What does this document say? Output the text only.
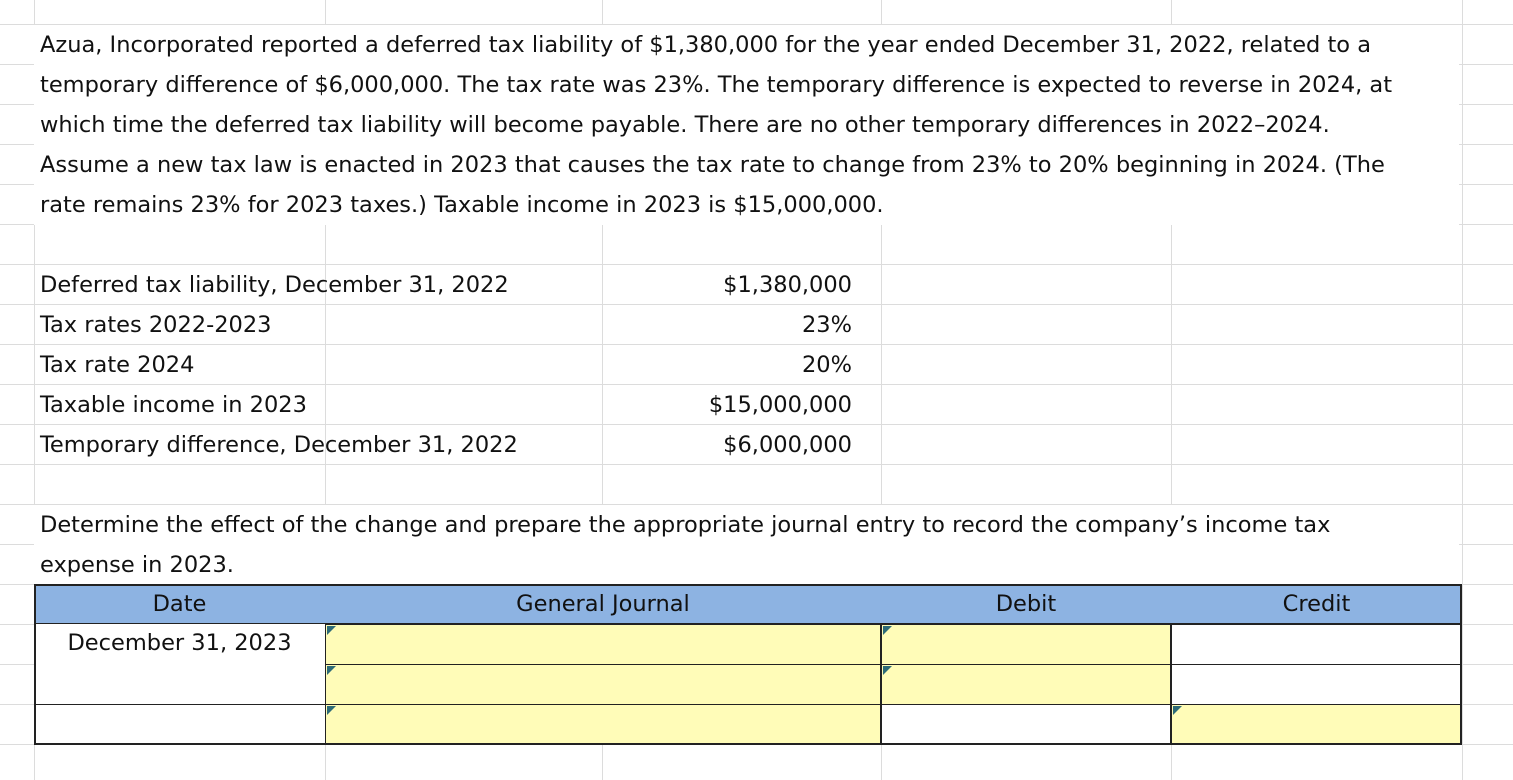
Azua, Incorporated reported a deferred tax liability of $1,380,000 for the year ended December 31, 2022, related to a
temporary difference of $6,000,000. The tax rate was 23%. The temporary difference is expected to reverse in 2024, at
which time the deferred tax liability will become payable. There are no other temporary differences in 2022–2024.
Assume a new tax law is enacted in 2023 that causes the tax rate to change from 23% to 20% beginning in 2024. (The
rate remains 23% for 2023 taxes.) Taxable income in 2023 is $15,000,000.
Deferred tax liability, December 31, 2022	$1,380,000
Tax rates 2022-2023	23%
Tax rate 2024	20%
Taxable income in 2023	$15,000,000
Temporary difference, December 31, 2022	$6,000,000
Determine the effect of the change and prepare the appropriate journal entry to record the company’s income tax
expense in 2023.
Date	General Journal	Debit	Credit
December 31, 2023
